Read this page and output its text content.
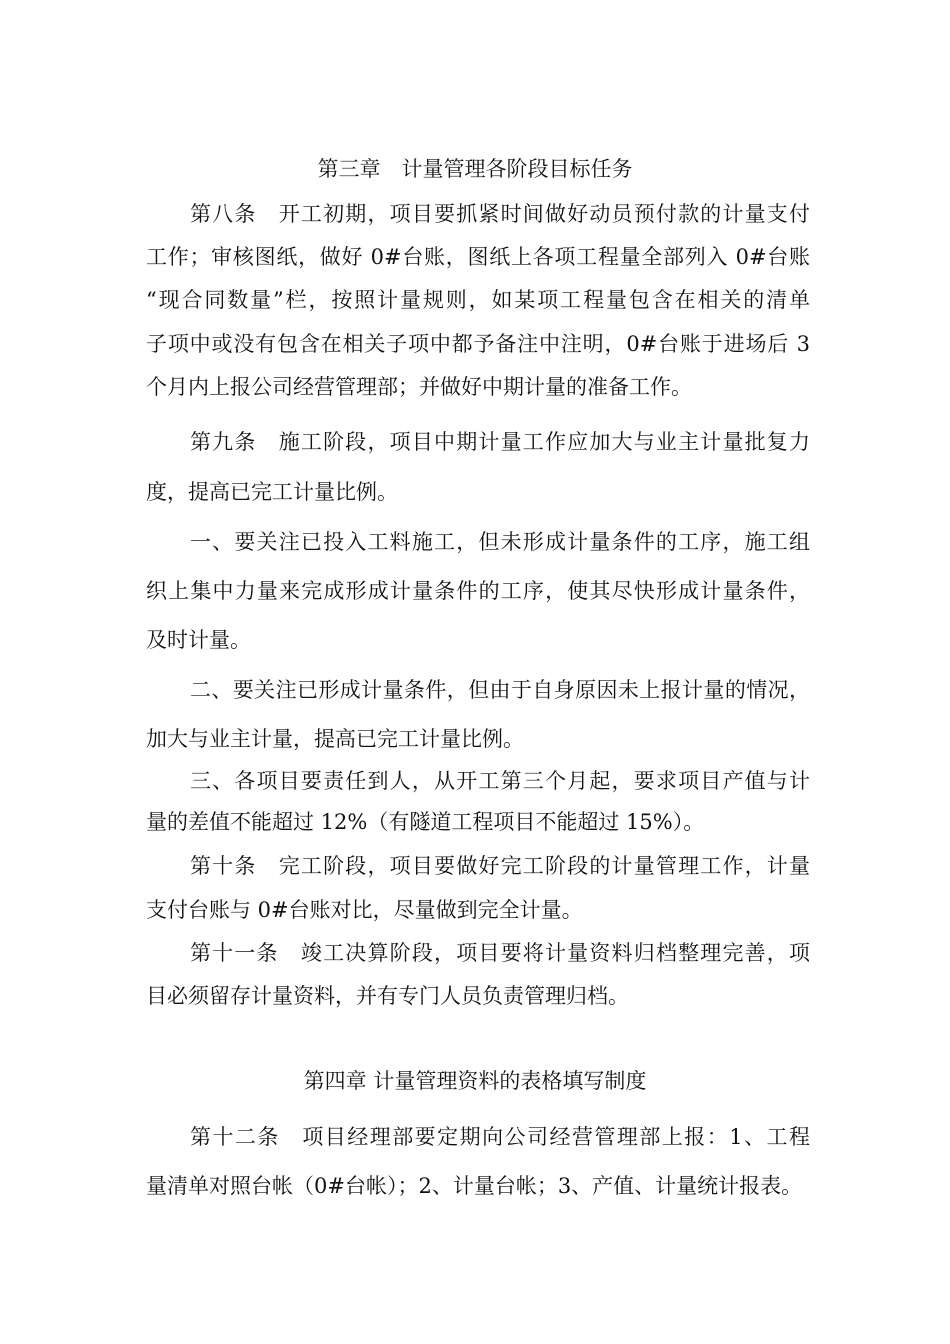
第三章　计量管理各阶段目标任务
第八条　开工初期，项目要抓紧时间做好动员预付款的计量支付
工作；审核图纸，做好 0#台账，图纸上各项工程量全部列入 0#台账
“现合同数量”栏，按照计量规则，如某项工程量包含在相关的清单
子项中或没有包含在相关子项中都予备注中注明，0#台账于进场后 3
个月内上报公司经营管理部；并做好中期计量的准备工作。
第九条　施工阶段，项目中期计量工作应加大与业主计量批复力
度，提高已完工计量比例。
一、要关注已投入工料施工，但未形成计量条件的工序，施工组
织上集中力量来完成形成计量条件的工序，使其尽快形成计量条件，
及时计量。
二、要关注已形成计量条件，但由于自身原因未上报计量的情况，
加大与业主计量，提高已完工计量比例。
三、各项目要责任到人，从开工第三个月起，要求项目产值与计
量的差值不能超过 12%（有隧道工程项目不能超过 15%）。
第十条　完工阶段，项目要做好完工阶段的计量管理工作，计量
支付台账与 0#台账对比，尽量做到完全计量。
第十一条　竣工决算阶段，项目要将计量资料归档整理完善，项
目必须留存计量资料，并有专门人员负责管理归档。
第四章 计量管理资料的表格填写制度
第十二条　项目经理部要定期向公司经营管理部上报：1、工程
量清单对照台帐（0#台帐）；2、计量台帐；3、产值、计量统计报表。
